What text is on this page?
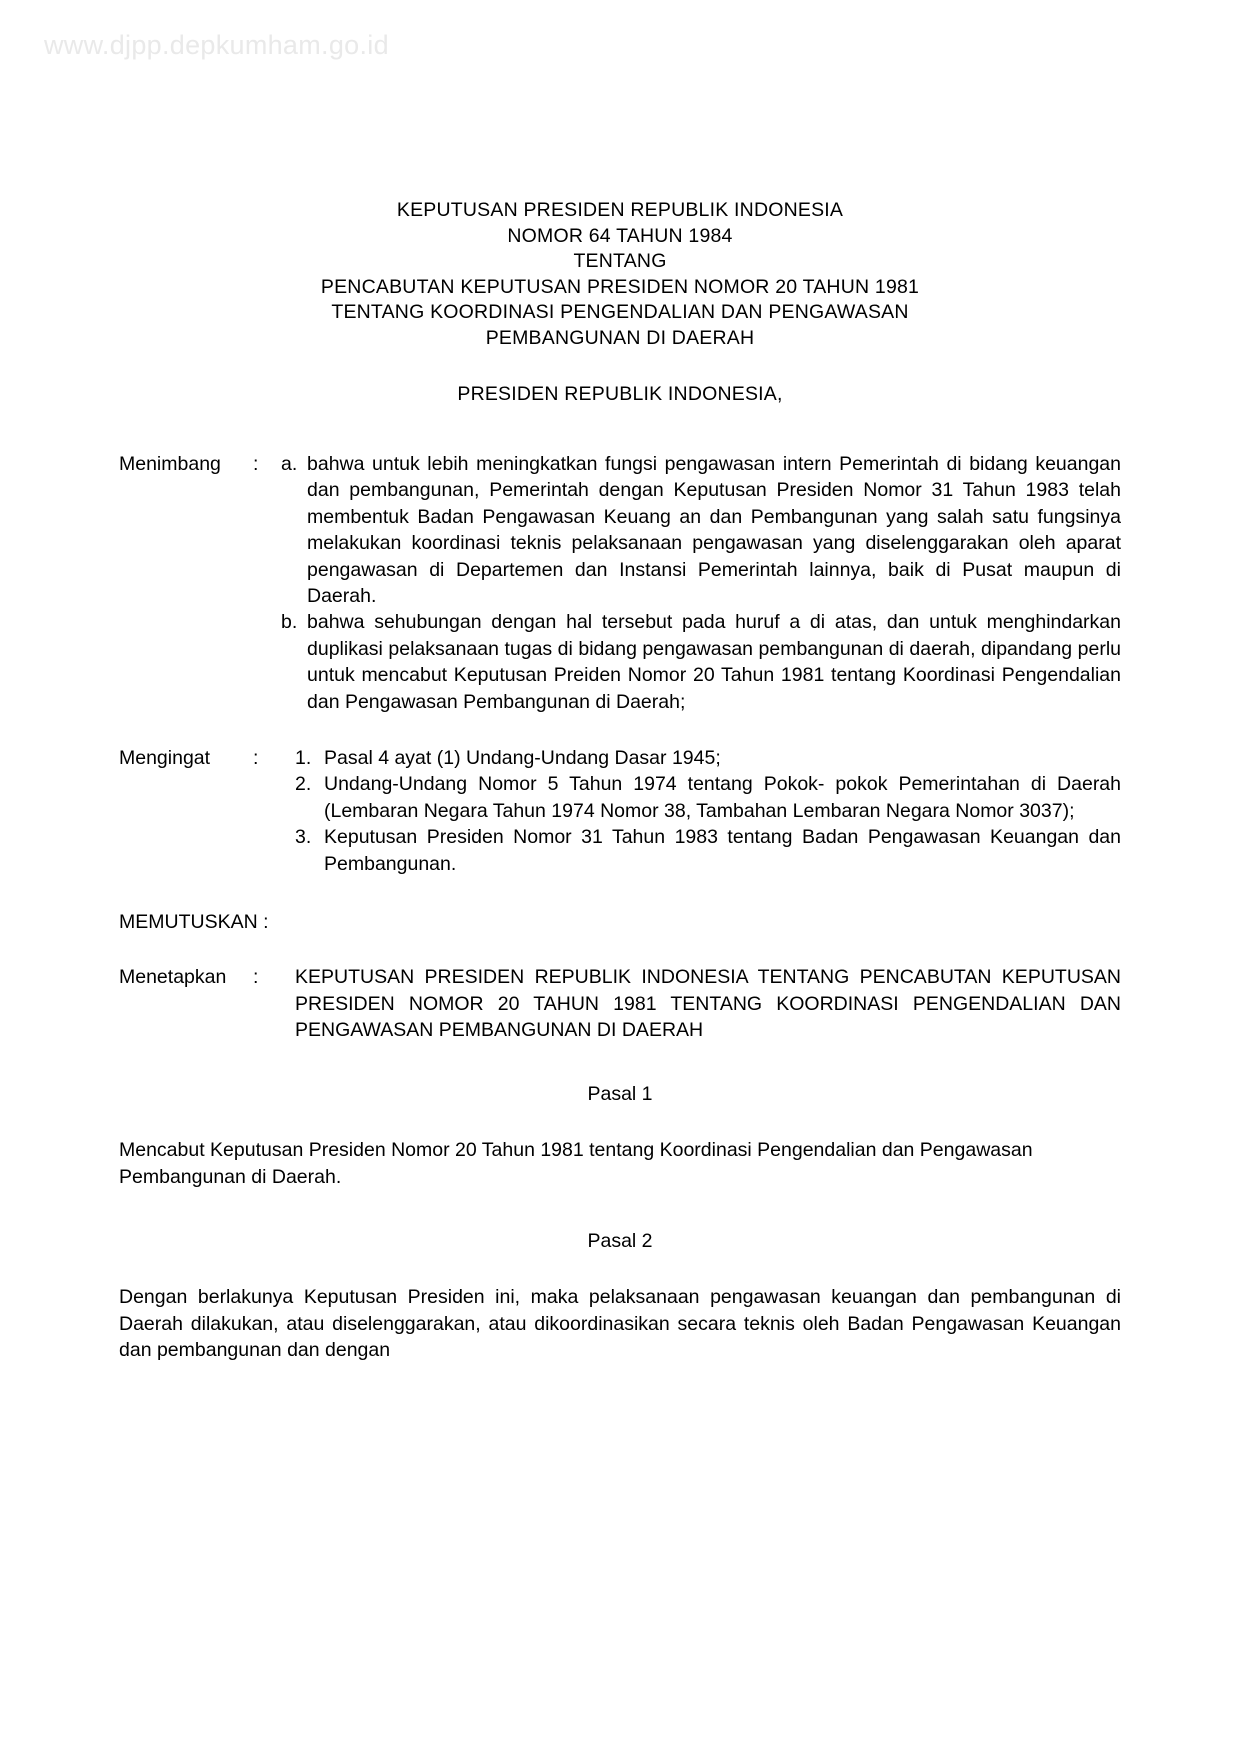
www.djpp.depkumham.go.id
KEPUTUSAN PRESIDEN REPUBLIK INDONESIA
NOMOR 64 TAHUN 1984
TENTANG
PENCABUTAN KEPUTUSAN PRESIDEN NOMOR 20 TAHUN 1981
TENTANG KOORDINASI PENGENDALIAN DAN PENGAWASAN
PEMBANGUNAN DI DAERAH
PRESIDEN REPUBLIK INDONESIA,
Menimbang	:	a. bahwa untuk lebih meningkatkan fungsi pengawasan intern Pemerintah di bidang keuangan dan pembangunan, Pemerintah dengan Keputusan Presiden Nomor 31 Tahun 1983 telah membentuk Badan Pengawasan Keuang an dan Pembangunan yang salah satu fungsinya melakukan koordinasi teknis pelaksanaan pengawasan yang diselenggarakan oleh aparat pengawasan di Departemen dan Instansi Pemerintah lainnya, baik di Pusat maupun di Daerah.
b. bahwa sehubungan dengan hal tersebut pada huruf a di atas, dan untuk menghindarkan duplikasi pelaksanaan tugas di bidang pengawasan pembangunan di daerah, dipandang perlu untuk mencabut Keputusan Preiden Nomor 20 Tahun 1981 tentang Koordinasi Pengendalian dan Pengawasan Pembangunan di Daerah;
Mengingat	:	1. Pasal 4 ayat (1) Undang-Undang Dasar 1945;
2. Undang-Undang Nomor 5 Tahun 1974 tentang Pokok- pokok Pemerintahan di Daerah (Lembaran Negara Tahun 1974 Nomor 38, Tambahan Lembaran Negara Nomor 3037);
3. Keputusan Presiden Nomor 31 Tahun 1983 tentang Badan Pengawasan Keuangan dan Pembangunan.
MEMUTUSKAN :
Menetapkan	:	KEPUTUSAN PRESIDEN REPUBLIK INDONESIA TENTANG PENCABUTAN KEPUTUSAN PRESIDEN NOMOR 20 TAHUN 1981 TENTANG KOORDINASI PENGENDALIAN DAN PENGAWASAN PEMBANGUNAN DI DAERAH
Pasal 1
Mencabut Keputusan Presiden Nomor 20 Tahun 1981 tentang Koordinasi Pengendalian dan Pengawasan Pembangunan di Daerah.
Pasal 2
Dengan berlakunya Keputusan Presiden ini, maka pelaksanaan pengawasan keuangan dan pembangunan di Daerah dilakukan, atau diselenggarakan, atau dikoordinasikan secara teknis oleh Badan Pengawasan Keuangan dan pembangunan dan dengan
